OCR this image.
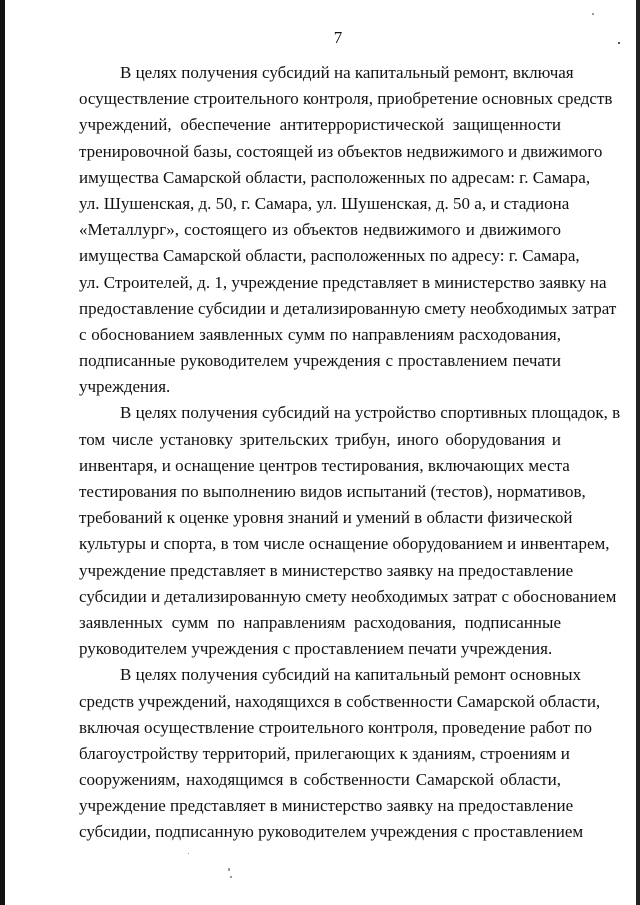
7
В целях получения субсидий на капитальный ремонт, включая
осуществление строительного контроля, приобретение основных средств
учреждений, обеспечение антитеррористической защищенности
тренировочной базы, состоящей из объектов недвижимого и движимого
имущества Самарской области, расположенных по адресам: г. Самара,
ул. Шушенская, д. 50, г. Самара, ул. Шушенская, д. 50 а, и стадиона
«Металлург», состоящего из объектов недвижимого и движимого
имущества Самарской области, расположенных по адресу: г. Самара,
ул. Строителей, д. 1, учреждение представляет в министерство заявку на
предоставление субсидии и детализированную смету необходимых затрат
с обоснованием заявленных сумм по направлениям расходования,
подписанные руководителем учреждения с проставлением печати
учреждения.
В целях получения субсидий на устройство спортивных площадок, в
том числе установку зрительских трибун, иного оборудования и
инвентаря, и оснащение центров тестирования, включающих места
тестирования по выполнению видов испытаний (тестов), нормативов,
требований к оценке уровня знаний и умений в области физической
культуры и спорта, в том числе оснащение оборудованием и инвентарем,
учреждение представляет в министерство заявку на предоставление
субсидии и детализированную смету необходимых затрат с обоснованием
заявленных сумм по направлениям расходования, подписанные
руководителем учреждения с проставлением печати учреждения.
В целях получения субсидий на капитальный ремонт основных
средств учреждений, находящихся в собственности Самарской области,
включая осуществление строительного контроля, проведение работ по
благоустройству территорий, прилегающих к зданиям, строениям и
сооружениям, находящимся в собственности Самарской области,
учреждение представляет в министерство заявку на предоставление
субсидии, подписанную руководителем учреждения с проставлением
